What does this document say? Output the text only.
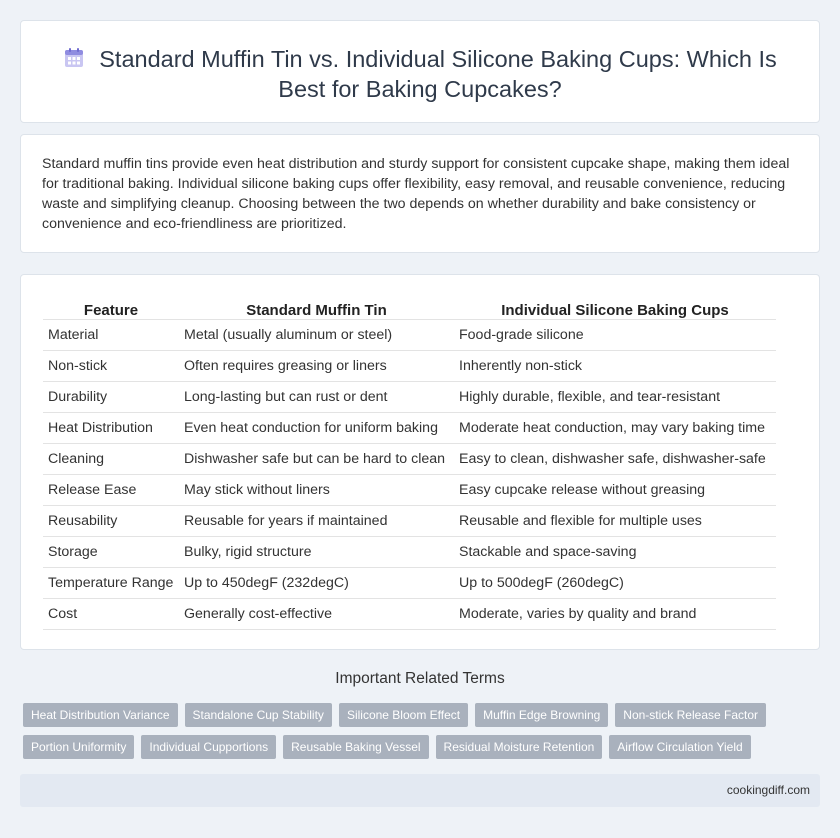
Standard Muffin Tin vs. Individual Silicone Baking Cups: Which Is Best for Baking Cupcakes?

Standard muffin tins provide even heat distribution and sturdy support for consistent cupcake shape, making them ideal for traditional baking. Individual silicone baking cups offer flexibility, easy removal, and reusable convenience, reducing waste and simplifying cleanup. Choosing between the two depends on whether durability and bake consistency or convenience and eco-friendliness are prioritized.

Feature	Standard Muffin Tin	Individual Silicone Baking Cups
Material	Metal (usually aluminum or steel)	Food-grade silicone
Non-stick	Often requires greasing or liners	Inherently non-stick
Durability	Long-lasting but can rust or dent	Highly durable, flexible, and tear-resistant
Heat Distribution	Even heat conduction for uniform baking	Moderate heat conduction, may vary baking time
Cleaning	Dishwasher safe but can be hard to clean	Easy to clean, dishwasher safe, dishwasher-safe
Release Ease	May stick without liners	Easy cupcake release without greasing
Reusability	Reusable for years if maintained	Reusable and flexible for multiple uses
Storage	Bulky, rigid structure	Stackable and space-saving
Temperature Range	Up to 450degF (232degC)	Up to 500degF (260degC)
Cost	Generally cost-effective	Moderate, varies by quality and brand
Important Related Terms
Heat Distribution Variance	Standalone Cup Stability	Silicone Bloom Effect	Muffin Edge Browning	Non-stick Release Factor
Portion Uniformity	Individual Cupportions	Reusable Baking Vessel	Residual Moisture Retention	Airflow Circulation Yield
cookingdiff.com
